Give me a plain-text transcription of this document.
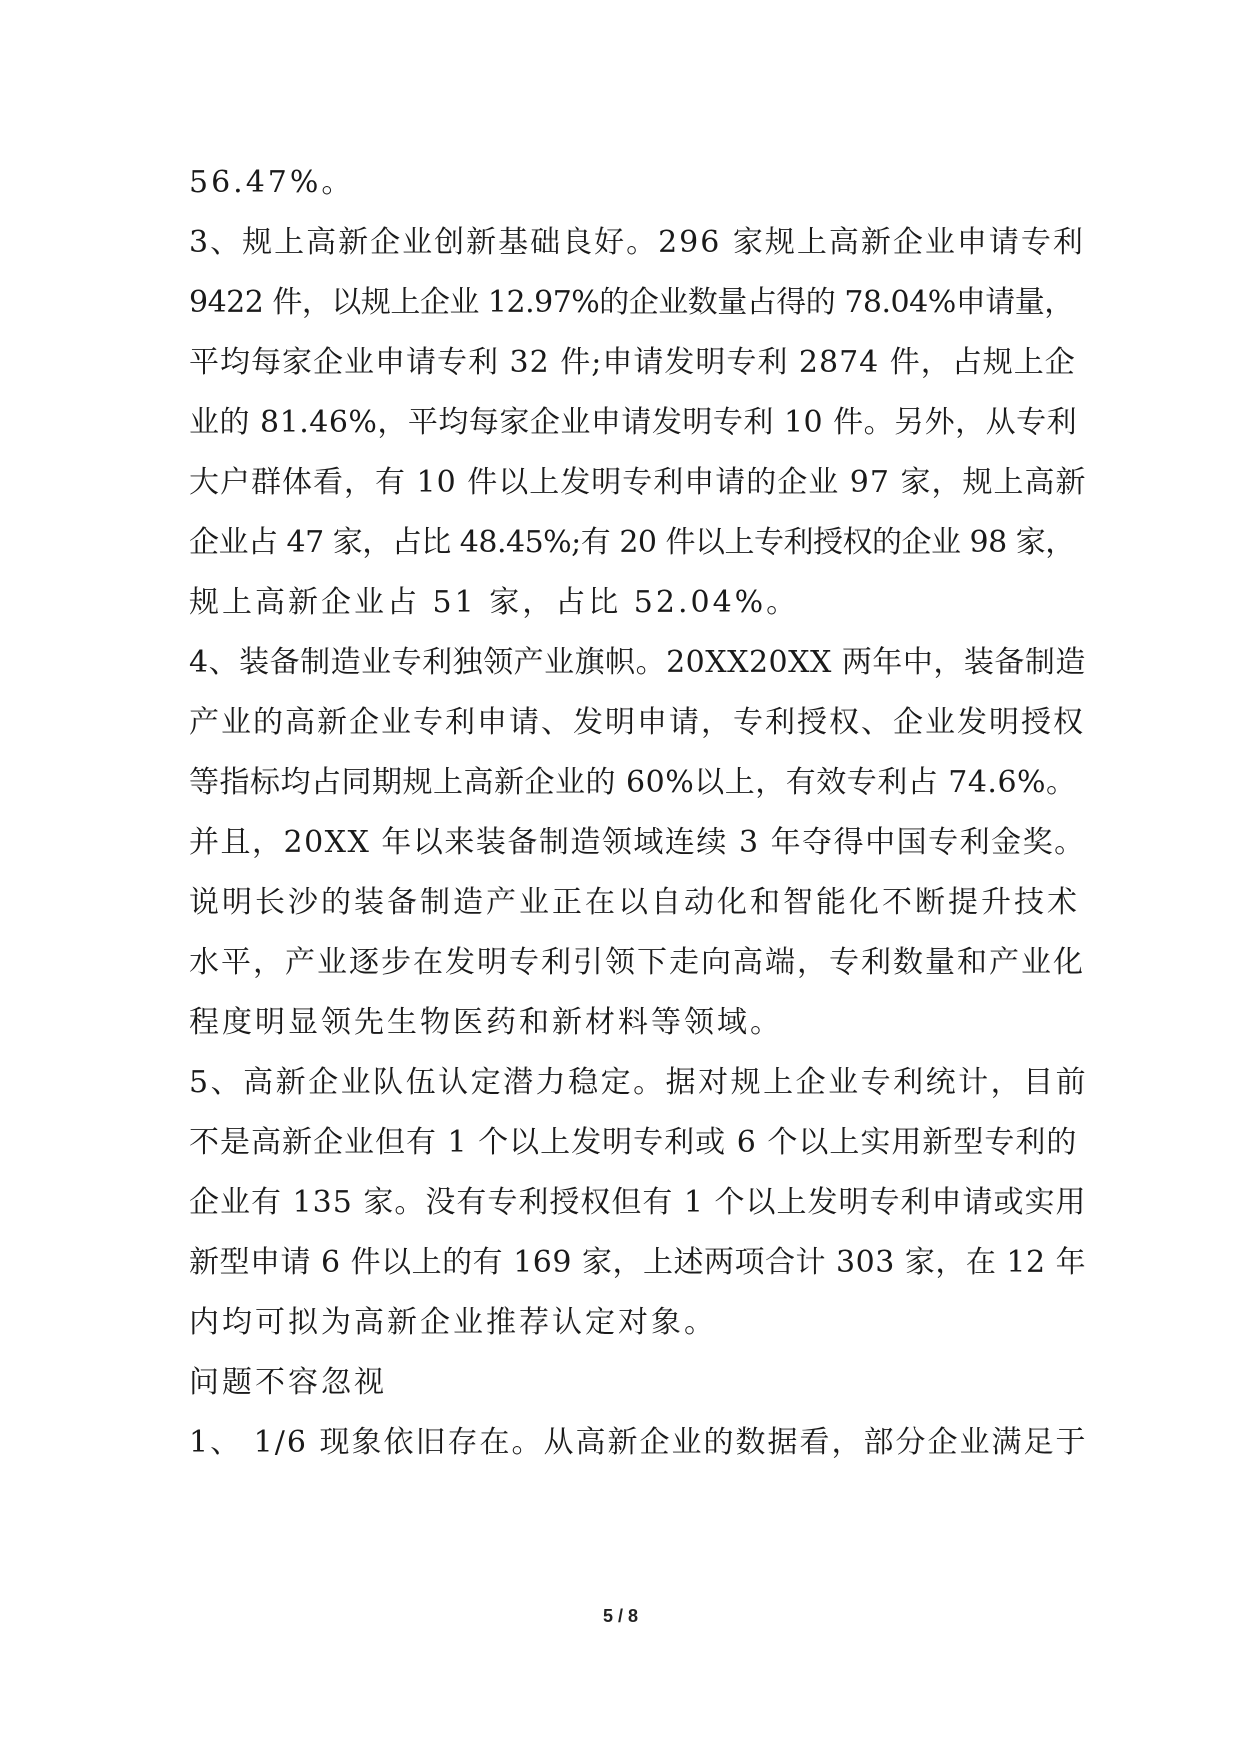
56.47%。
3、规上高新企业创新基础良好。296 家规上高新企业申请专利
9422 件，以规上企业 12.97%的企业数量占得的 78.04%申请量，
平均每家企业申请专利 32 件;申请发明专利 2874 件，占规上企
业的 81.46%，平均每家企业申请发明专利 10 件。另外，从专利
大户群体看，有 10 件以上发明专利申请的企业 97 家，规上高新
企业占 47 家，占比 48.45%;有 20 件以上专利授权的企业 98 家，
规上高新企业占 51 家，占比 52.04%。
4、装备制造业专利独领产业旗帜。20XX20XX 两年中，装备制造
产业的高新企业专利申请、发明申请，专利授权、企业发明授权
等指标均占同期规上高新企业的 60%以上，有效专利占 74.6%。
并且，20XX 年以来装备制造领域连续 3 年夺得中国专利金奖。
说明长沙的装备制造产业正在以自动化和智能化不断提升技术
水平，产业逐步在发明专利引领下走向高端，专利数量和产业化
程度明显领先生物医药和新材料等领域。
5、高新企业队伍认定潜力稳定。据对规上企业专利统计，目前
不是高新企业但有 1 个以上发明专利或 6 个以上实用新型专利的
企业有 135 家。没有专利授权但有 1 个以上发明专利申请或实用
新型申请 6 件以上的有 169 家，上述两项合计 303 家，在 12 年
内均可拟为高新企业推荐认定对象。
问题不容忽视
1、 1/6 现象依旧存在。从高新企业的数据看，部分企业满足于
5 / 8
